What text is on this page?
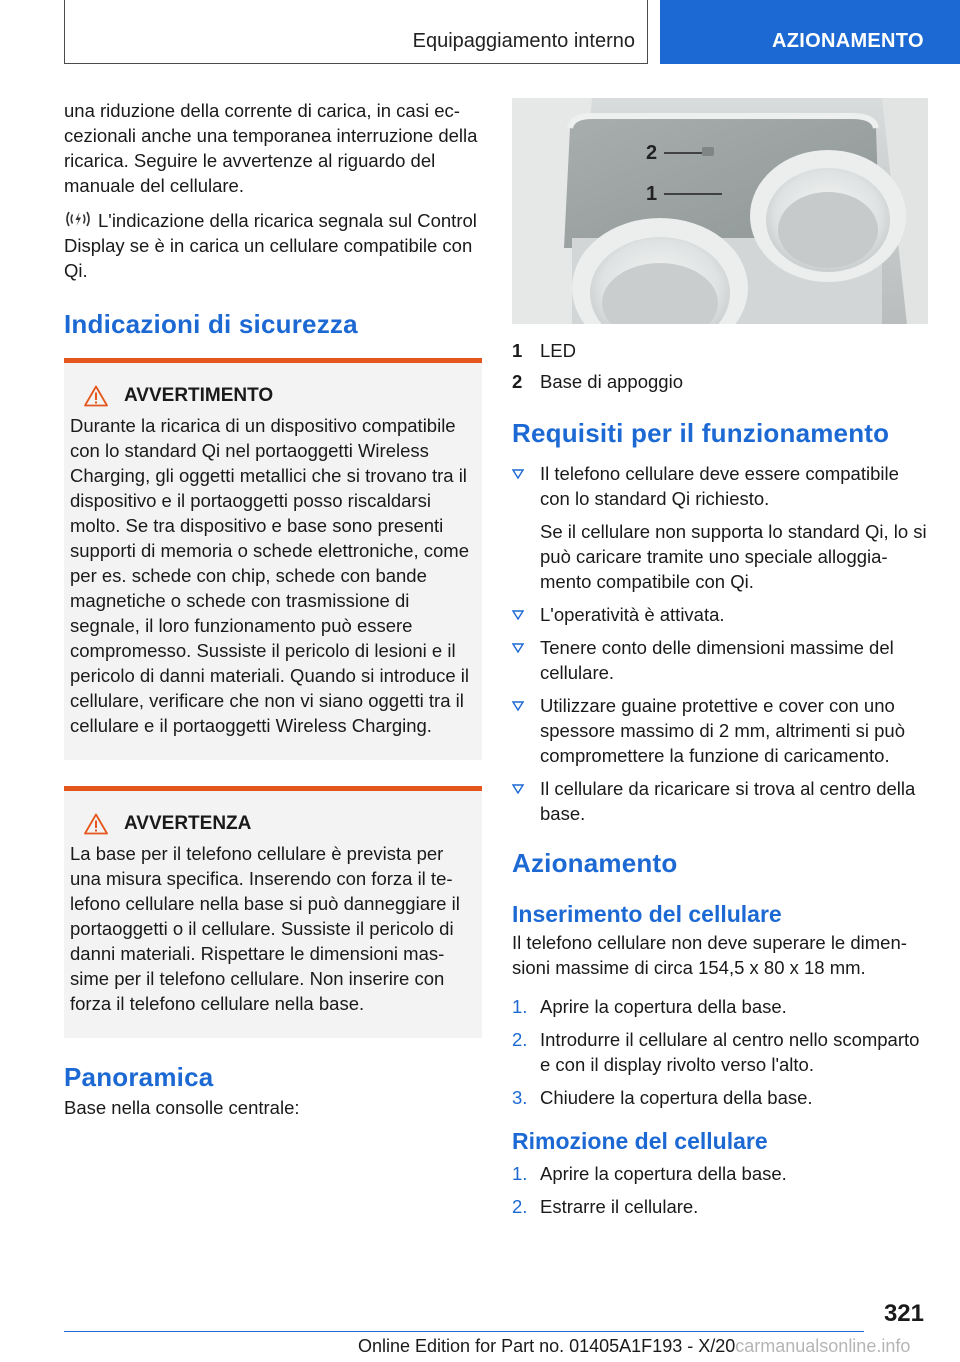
Equipaggiamento interno	AZIONAMENTO

una riduzione della corrente di carica, in casi eccezionali anche una temporanea interruzione della ricarica. Seguire le avvertenze al riguardo del manuale del cellulare.

L'indicazione della ricarica segnala sul Control Display se è in carica un cellulare compatibile con Qi.

Indicazioni di sicurezza
AVVERTIMENTO

Durante la ricarica di un dispositivo compatibile con lo standard Qi nel portaoggetti Wireless Charging, gli oggetti metallici che si trovano tra il dispositivo e il portaoggetti posso riscaldarsi molto. Se tra dispositivo e base sono presenti supporti di memoria o schede elettroniche, come per es. schede con chip, schede con bande magnetiche o schede con trasmissione di segnale, il loro funzionamento può essere compromesso. Sussiste il pericolo di lesioni e il pericolo di danni materiali. Quando si introduce il cellulare, verificare che non vi siano oggetti tra il cellulare e il portaoggetti Wireless Charging.

AVVERTENZA

La base per il telefono cellulare è prevista per una misura specifica. Inserendo con forza il telefono cellulare nella base si può danneggiare il portaoggetti o il cellulare. Sussiste il pericolo di danni materiali. Rispettare le dimensioni massime per il telefono cellulare. Non inserire con forza il telefono cellulare nella base.

Panoramica

Base nella consolle centrale:

2
1
1 LED
2 Base di appoggio
Requisiti per il funzionamento

Il telefono cellulare deve essere compatibile con lo standard Qi richiesto.

Se il cellulare non supporta lo standard Qi, lo si può caricare tramite uno speciale alloggiamento compatibile con Qi.

L'operatività è attivata.

Tenere conto delle dimensioni massime del cellulare.

Utilizzare guaine protettive e cover con uno spessore massimo di 2 mm, altrimenti si può compromettere la funzione di caricamento.

Il cellulare da ricaricare si trova al centro della base.

Azionamento
Inserimento del cellulare

Il telefono cellulare non deve superare le dimensioni massime di circa 154,5 x 80 x 18 mm.

1. Aprire la copertura della base.
2. Introdurre il cellulare al centro nello scomparto e con il display rivolto verso l'alto.
3. Chiudere la copertura della base.
Rimozione del cellulare
1. Aprire la copertura della base.
2. Estrarre il cellulare.
321
Online Edition for Part no. 01405A1F193 - X/20carmanualsonline.info
